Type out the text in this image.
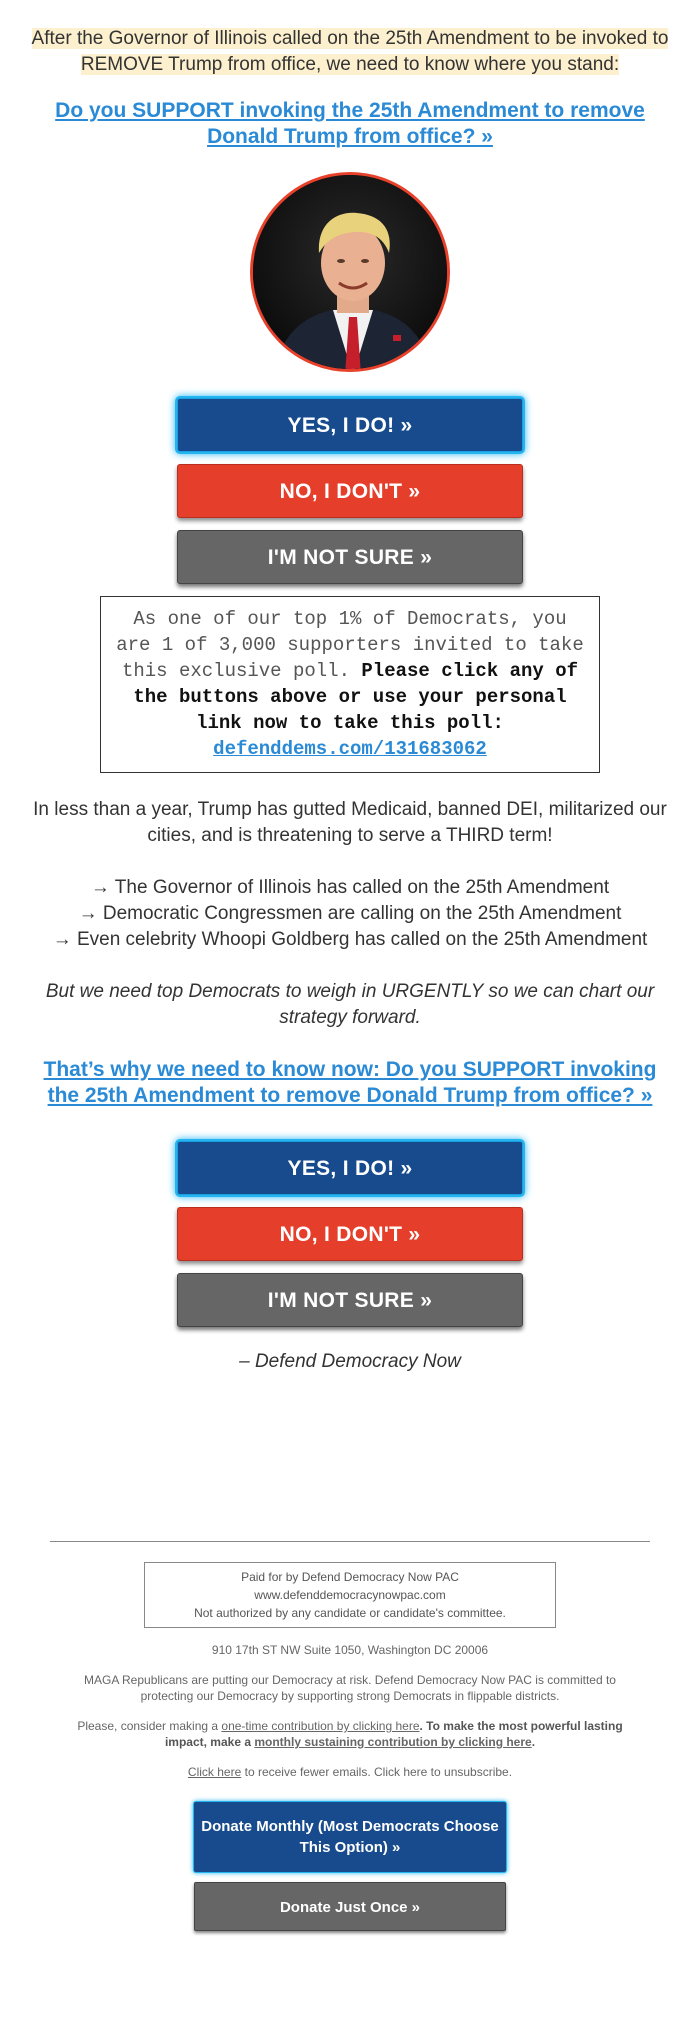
After the Governor of Illinois called on the 25th Amendment to be invoked to REMOVE Trump from office, we need to know where you stand:

Do you SUPPORT invoking the 25th Amendment to remove Donald Trump from office? »
YES, I DO! »
NO, I DON'T »
I'M NOT SURE »
As one of our top 1% of Democrats, you are 1 of 3,000 supporters invited to take this exclusive poll. Please click any of the buttons above or use your personal link now to take this poll:
defenddems.com/131683062

In less than a year, Trump has gutted Medicaid, banned DEI, militarized our cities, and is threatening to serve a THIRD term!

→ The Governor of Illinois has called on the 25th Amendment
→ Democratic Congressmen are calling on the 25th Amendment
→ Even celebrity Whoopi Goldberg has called on the 25th Amendment

But we need top Democrats to weigh in URGENTLY so we can chart our strategy forward.

That’s why we need to know now: Do you SUPPORT invoking the 25th Amendment to remove Donald Trump from office? »
YES, I DO! »
NO, I DON'T »
I'M NOT SURE »

– Defend Democracy Now

Paid for by Defend Democracy Now PAC
www.defenddemocracynowpac.com
Not authorized by any candidate or candidate's committee.

910 17th ST NW Suite 1050, Washington DC 20006

MAGA Republicans are putting our Democracy at risk. Defend Democracy Now PAC is committed to protecting our Democracy by supporting strong Democrats in flippable districts.

Please, consider making a one-time contribution by clicking here. To make the most powerful lasting impact, make a monthly sustaining contribution by clicking here.

Click here to receive fewer emails. Click here to unsubscribe.

Donate Monthly (Most Democrats Choose This Option) »
Donate Just Once »
